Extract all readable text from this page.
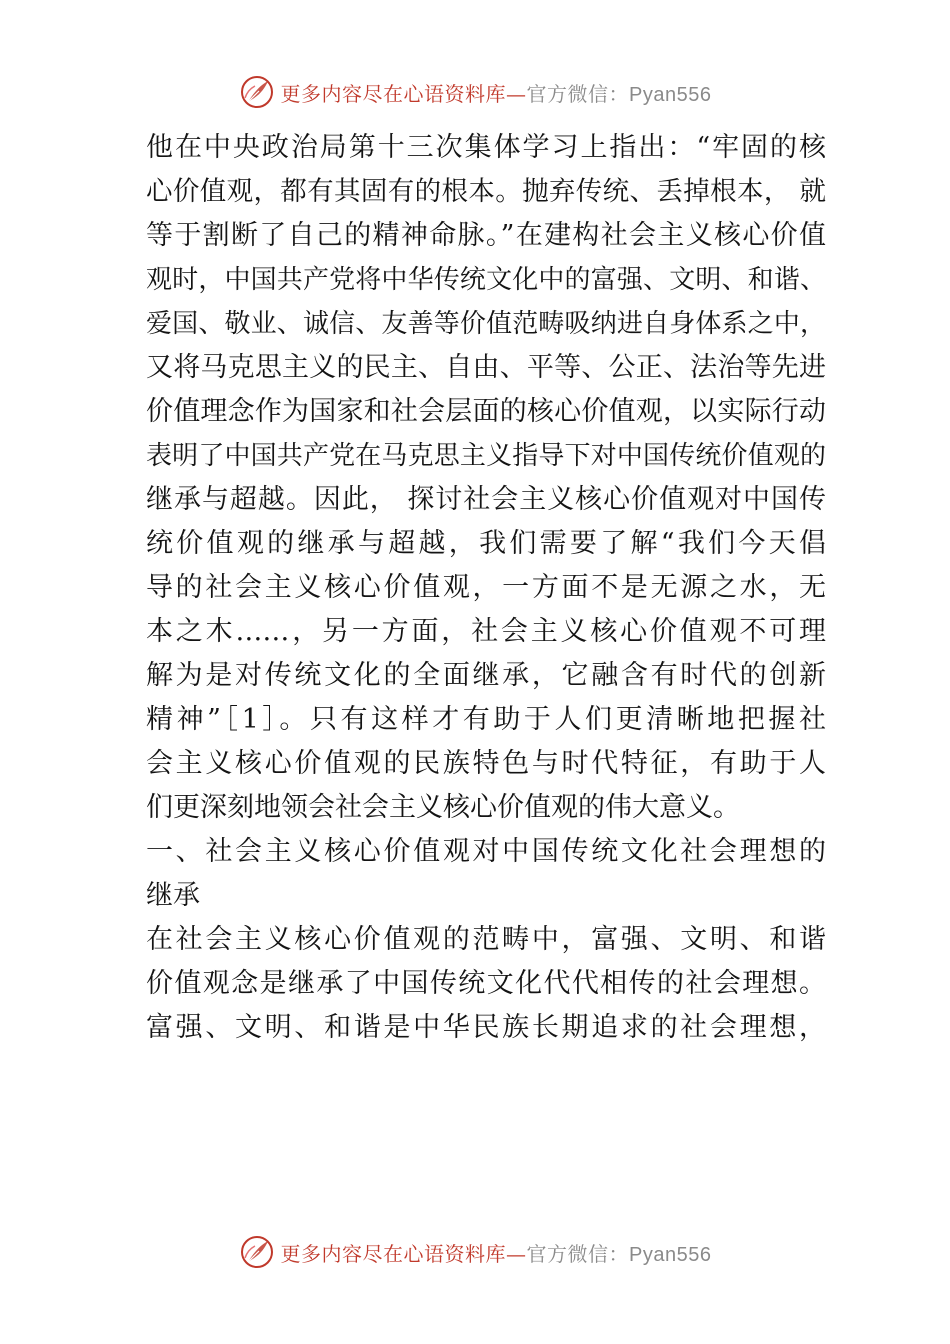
更多内容尽在心语资料库—官方微信：Pyan556
他在中央政治局第十三次集体学习上指出：“牢固的核
心价值观，都有其固有的根本。抛弃传统、丢掉根本， 就
等于割断了自己的精神命脉。”在建构社会主义核心价值
观时，中国共产党将中华传统文化中的富强、文明、和谐、
爱国、敬业、诚信、友善等价值范畴吸纳进自身体系之中，
又将马克思主义的民主、自由、平等、公正、法治等先进
价值理念作为国家和社会层面的核心价值观，以实际行动
表明了中国共产党在马克思主义指导下对中国传统价值观的
继承与超越。因此， 探讨社会主义核心价值观对中国传
统价值观的继承与超越，我们需要了解“我们今天倡
导的社会主义核心价值观，一方面不是无源之水，无
本之木……，另一方面，社会主义核心价值观不可理
解为是对传统文化的全面继承，它融含有时代的创新
精神”［1］。只有这样才有助于人们更清晰地把握社
会主义核心价值观的民族特色与时代特征，有助于人
们更深刻地领会社会主义核心价值观的伟大意义。
一、社会主义核心价值观对中国传统文化社会理想的
继承
在社会主义核心价值观的范畴中，富强、文明、和谐
价值观念是继承了中国传统文化代代相传的社会理想。
富强、文明、和谐是中华民族长期追求的社会理想，
更多内容尽在心语资料库—官方微信：Pyan556
